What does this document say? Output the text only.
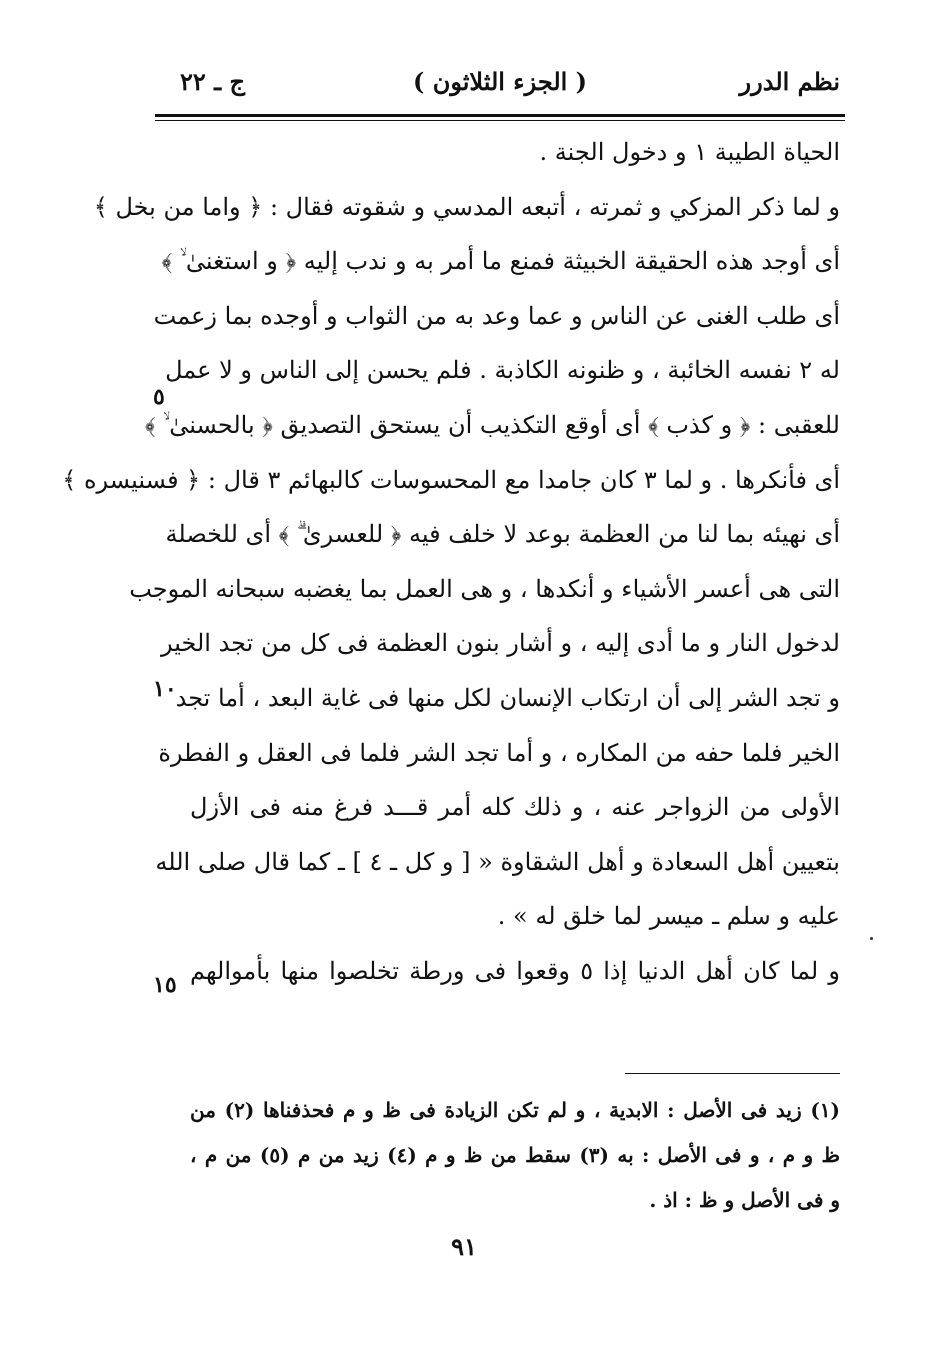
نظم الدرر
( الجزء الثلاثون )
ج ـ ٢٢
الحياة الطيبة ١ و دخول الجنة .
و لما ذكر المزكي و ثمرته ، أتبعه المدسي و شقوته فقال : ﴿ واما من بخل ﴾
أى أوجد هذه الحقيقة الخبيثة فمنع ما أمر به و ندب إليه ﴿ و استغنىٰ ۙ ﴾
أى طلب الغنى عن الناس و عما وعد به من الثواب و أوجده بما زعمت
له ٢ نفسه الخائبة ، و ظنونه الكاذبة . فلم يحسن إلى الناس و لا عمل
للعقبى : ﴿ و كذب ﴾ أى أوقع التكذيب أن يستحق التصديق ﴿ بالحسنىٰ ۙ ﴾
أى فأنكرها . و لما ٣ كان جامدا مع المحسوسات كالبهائم ٣ قال : ﴿ فسنيسره ﴾
أى نهيئه بما لنا من العظمة بوعد لا خلف فيه ﴿ للعسرىٰ ۗ ﴾ أى للخصلة
التى هى أعسر الأشياء و أنكدها ، و هى العمل بما يغضبه سبحانه الموجب
لدخول النار و ما أدى إليه ، و أشار بنون العظمة فى كل من تجد الخير
و تجد الشر إلى أن ارتكاب الإنسان لكل منها فى غاية البعد ، أما تجد
الخير فلما حفه من المكاره ، و أما تجد الشر فلما فى العقل و الفطرة
الأولى من الزواجر عنه ، و ذلك كله أمر قـــد فرغ منه فى الأزل
بتعيين أهل السعادة و أهل الشقاوة « [ و كل ـ ٤ ] ـ كما قال صلى الله
عليه و سلم ـ ميسر لما خلق له » .
و لما كان أهل الدنيا إذا ٥ وقعوا فى ورطة تخلصوا منها بأموالهم
٥
١٠
١٥
(١) زيد فى الأصل : الابدية ، و لم تكن الزيادة فى ظ و م فحذفناها (٢) من
ظ و م ، و فى الأصل : به (٣) سقط من ظ و م (٤) زيد من م (٥) من م ،
و فى الأصل و ظ : اذ .
٩١
